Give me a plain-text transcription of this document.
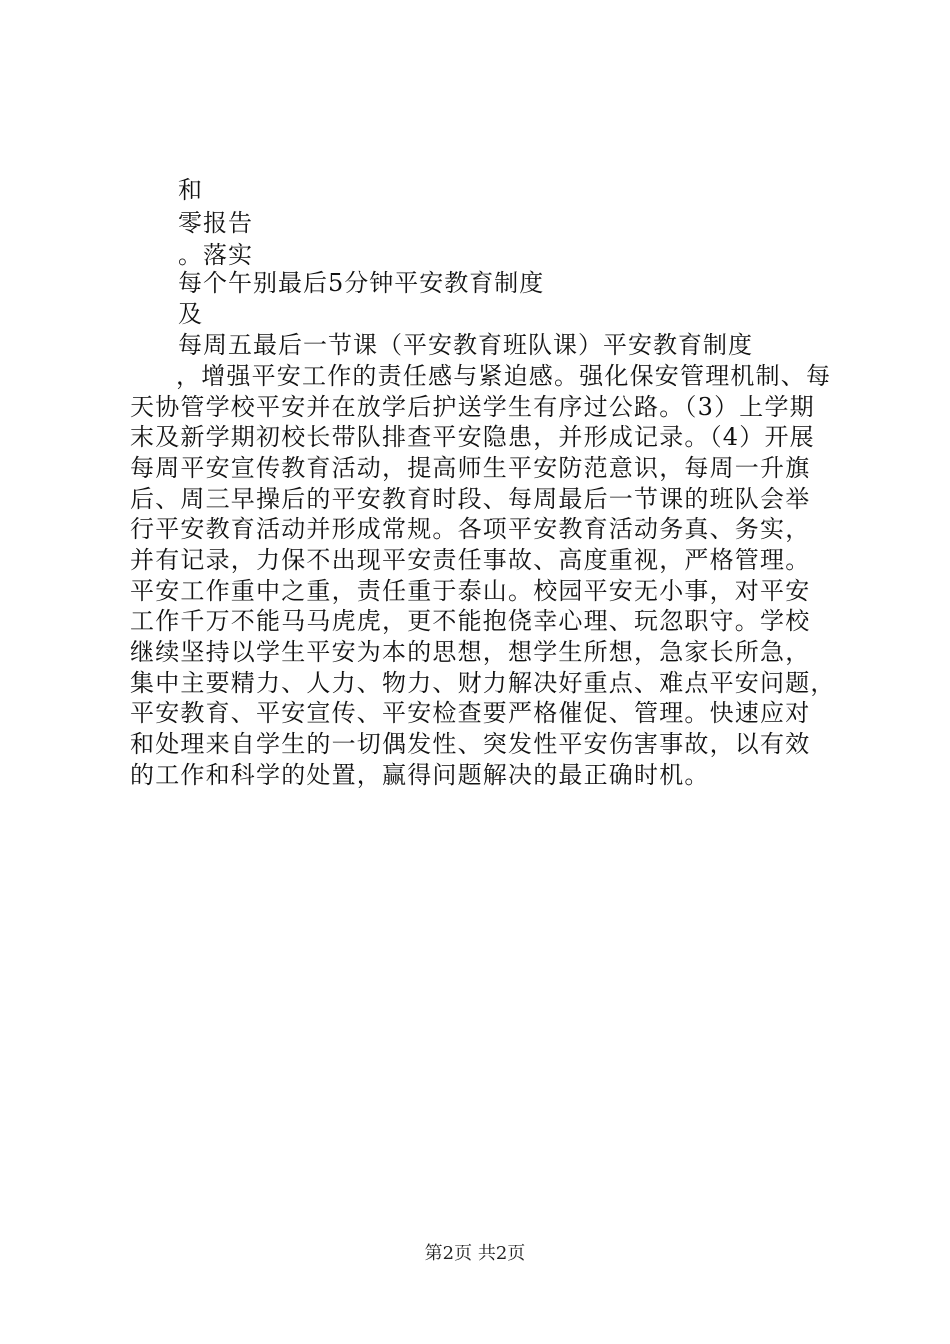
和
零报告
。落实
每个午别最后5分钟平安教育制度
及
每周五最后一节课（平安教育班队课）平安教育制度
，增强平安工作的责任感与紧迫感。强化保安管理机制、每
天协管学校平安并在放学后护送学生有序过公路。（3）上学期
末及新学期初校长带队排查平安隐患，并形成记录。（4）开展
每周平安宣传教育活动，提高师生平安防范意识，每周一升旗
后、周三早操后的平安教育时段、每周最后一节课的班队会举
行平安教育活动并形成常规。各项平安教育活动务真、务实，
并有记录，力保不出现平安责任事故、高度重视，严格管理。
平安工作重中之重，责任重于泰山。校园平安无小事，对平安
工作千万不能马马虎虎，更不能抱侥幸心理、玩忽职守。学校
继续坚持以学生平安为本的思想，想学生所想，急家长所急，
集中主要精力、人力、物力、财力解决好重点、难点平安问题，
平安教育、平安宣传、平安检查要严格催促、管理。快速应对
和处理来自学生的一切偶发性、突发性平安伤害事故，以有效
的工作和科学的处置，赢得问题解决的最正确时机。
第2页 共2页
